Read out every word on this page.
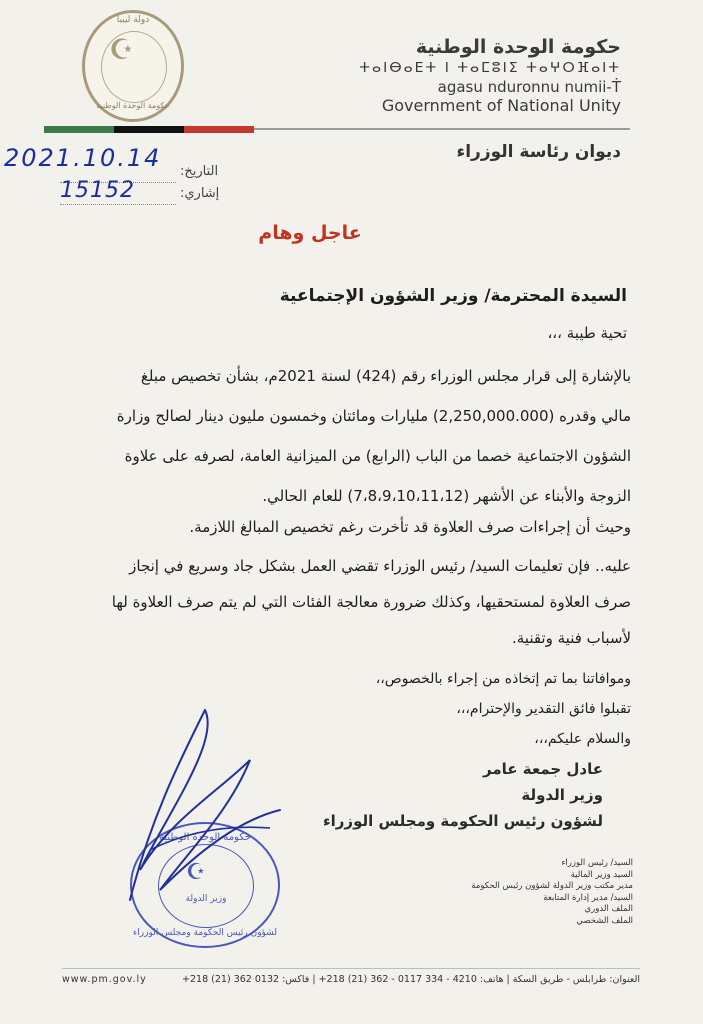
دولة ليبيا
☪
حكومة الوحدة الوطنية
حكومة الوحدة الوطنية
ⵜⴰⵏⴱⴰⴹⵜ ⵏ ⵜⴰⵎⵓⵏⵉ ⵜⴰⵖⵔⴼⴰⵏⵜ
agasu nduronnu numii-Ṫ
Government of National Unity
ديوان رئاسة الوزراء
التاريخ:
إشاري:
2021.10.14
15152
عاجل وهام
السيدة المحترمة/ وزير الشؤون الإجتماعية
تحية طيبة ،،،
بالإشارة إلى قرار مجلس الوزراء رقم (424) لسنة 2021م، بشأن تخصيص مبلغ مالي وقدره (2,250,000.000) مليارات ومائتان وخمسون مليون دينار لصالح وزارة الشؤون الاجتماعية خصما من الباب (الرابع) من الميزانية العامة، لصرفه على علاوة الزوجة والأبناء عن الأشهر (7،8،9،10،11،12) للعام الحالي.
وحيث أن إجراءات صرف العلاوة قد تأخرت رغم تخصيص المبالغ اللازمة.
عليه.. فإن تعليمات السيد/ رئيس الوزراء تقضي العمل بشكل جاد وسريع في إنجاز صرف العلاوة لمستحقيها، وكذلك ضرورة معالجة الفئات التي لم يتم صرف العلاوة لها لأسباب فنية وتقنية.
وموافاتنا بما تم إتخاذه من إجراء بالخصوص،،
تقبلوا فائق التقدير والإحترام،،،
والسلام عليكم،،،
عادل جمعة عامر
وزير الدولة
لشؤون رئيس الحكومة ومجلس الوزراء
حكومة الوحدة الوطنية
☪
وزير الدولة
لشؤون رئيس الحكومة ومجلس الوزراء
السيد/ رئيس الوزراء
السيد وزير المالية
مدير مكتب وزير الدولة لشؤون رئيس الحكومة
السيد/ مدير إدارة المتابعة
الملف الدوري
الملف الشخصي
www.pm.gov.ly	العنوان: طرابلس - طريق السكة | هاتف: 4210 - 334 0117 - 362 (21) 218+ | فاكس: 0132 362 (21) 218+
